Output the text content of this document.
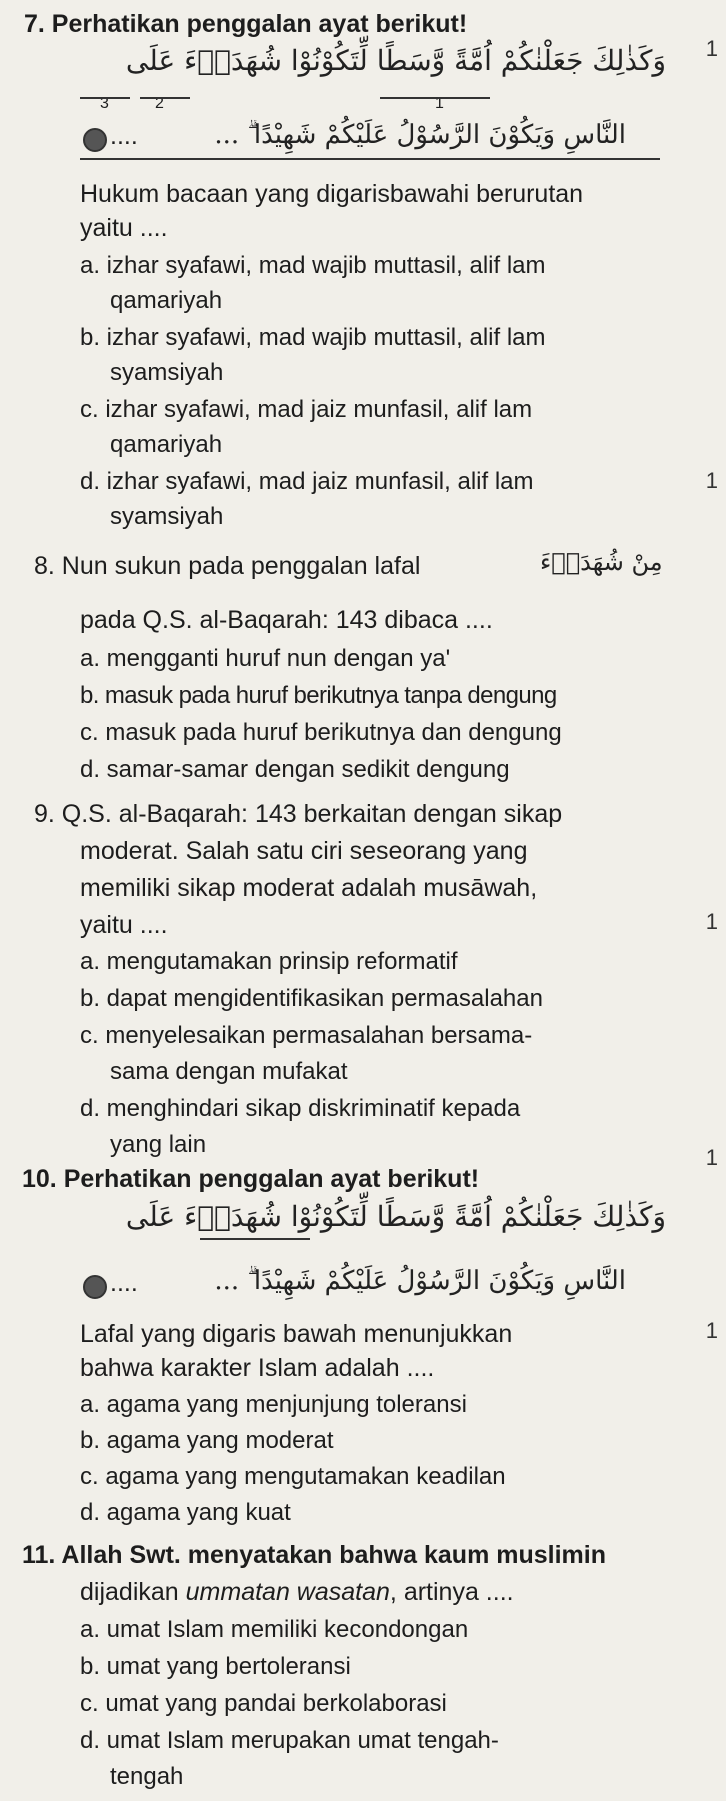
7. Perhatikan penggalan ayat berikut!
وَكَذٰلِكَ جَعَلْنٰكُمْ اُمَّةً وَّسَطًا لِّتَكُوْنُوْا شُهَدَاۤءَ عَلَى
3	2	1
....	النَّاسِ وَيَكُوْنَ الرَّسُوْلُ عَلَيْكُمْ شَهِيْدًا ۗ ...
Hukum bacaan yang digarisbawahi berurutan
yaitu ....
a. izhar syafawi, mad wajib muttasil, alif lam
qamariyah
b. izhar syafawi, mad wajib muttasil, alif lam
syamsiyah
c. izhar syafawi, mad jaiz munfasil, alif lam
qamariyah
d. izhar syafawi, mad jaiz munfasil, alif lam
syamsiyah
8. Nun sukun pada penggalan lafal	مِنْ شُهَدَاۤءَ
pada Q.S. al-Baqarah: 143 dibaca ....
a. mengganti huruf nun dengan ya'
b. masuk pada huruf berikutnya tanpa dengung
c. masuk pada huruf berikutnya dan dengung
d. samar-samar dengan sedikit dengung
9. Q.S. al-Baqarah: 143 berkaitan dengan sikap
moderat. Salah satu ciri seseorang yang
memiliki sikap moderat adalah musāwah,
yaitu ....	1
a. mengutamakan prinsip reformatif
b. dapat mengidentifikasikan permasalahan
c. menyelesaikan permasalahan bersama-
sama dengan mufakat
d. menghindari sikap diskriminatif kepada
yang lain	1
10. Perhatikan penggalan ayat berikut!
وَكَذٰلِكَ جَعَلْنٰكُمْ اُمَّةً وَّسَطًا لِّتَكُوْنُوْا شُهَدَاۤءَ عَلَى
....	النَّاسِ وَيَكُوْنَ الرَّسُوْلُ عَلَيْكُمْ شَهِيْدًا ۗ ...
Lafal yang digaris bawah menunjukkan	1
bahwa karakter Islam adalah ....
a. agama yang menjunjung toleransi
b. agama yang moderat
c. agama yang mengutamakan keadilan
d. agama yang kuat
11. Allah Swt. menyatakan bahwa kaum muslimin
dijadikan ummatan wasatan, artinya ....
a. umat Islam memiliki kecondongan
b. umat yang bertoleransi
c. umat yang pandai berkolaborasi
d. umat Islam merupakan umat tengah-
tengah
1
1
